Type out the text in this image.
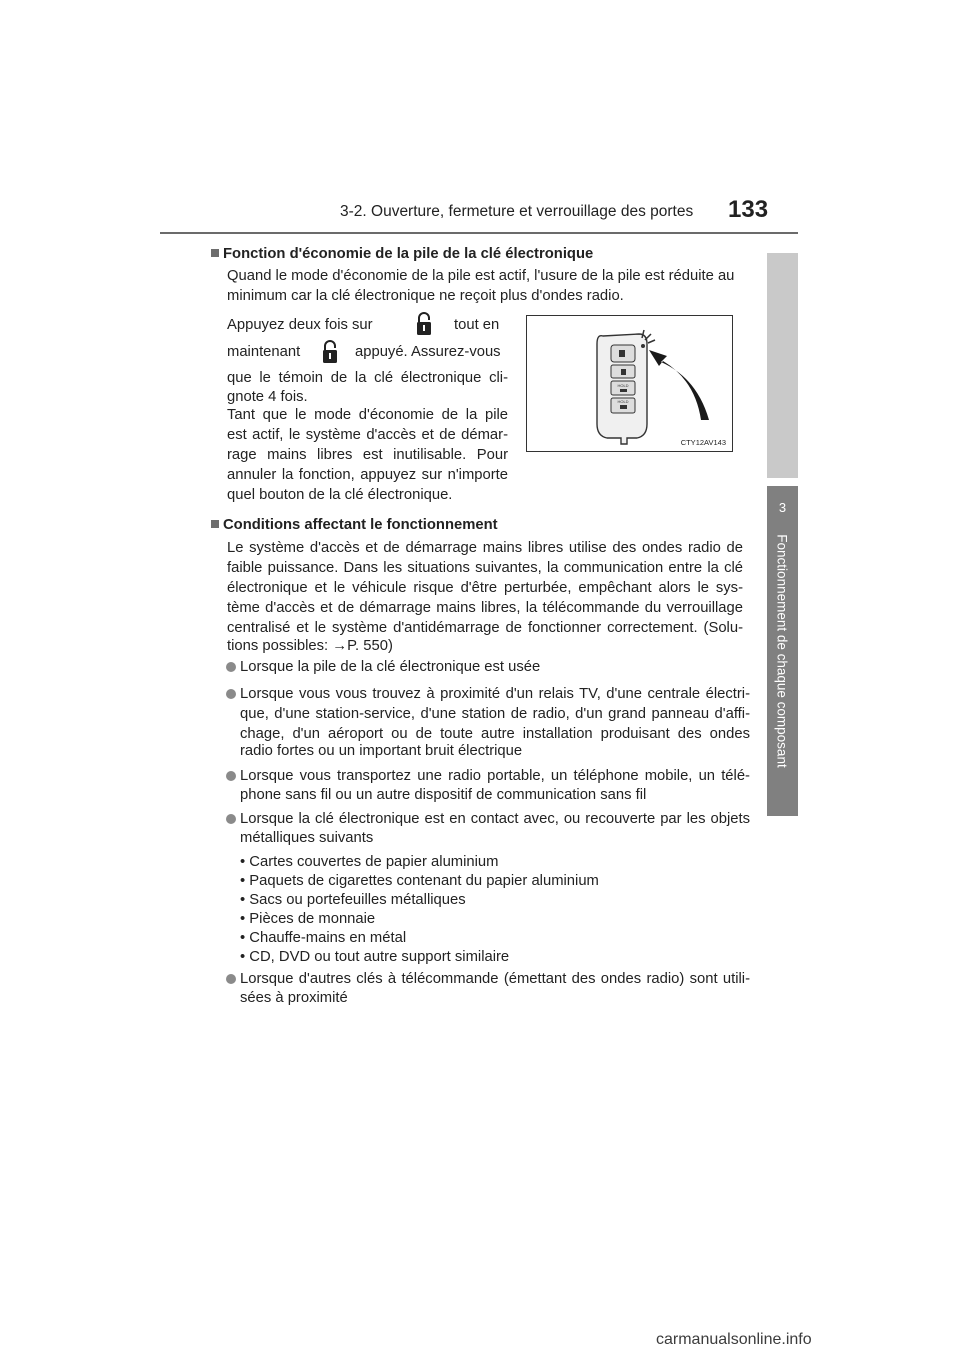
3-2. Ouverture, fermeture et verrouillage des portes 133
3
Fonctionnement de chaque composant
Fonction d'économie de la pile de la clé électronique
Quand le mode d'économie de la pile est actif, l'usure de la pile est réduite au
minimum car la clé électronique ne reçoit plus d'ondes radio.
Appuyez deux fois sur	tout en
maintenant	appuyé. Assurez-vous
que le témoin de la clé électronique cli-
gnote 4 fois.
Tant que le mode d'économie de la pile
est actif, le système d'accès et de démar-
rage mains libres est inutilisable. Pour
annuler la fonction, appuyez sur n'importe
quel bouton de la clé électronique.
HOLD
HOLD
CTY12AV143
Conditions affectant le fonctionnement
Le système d'accès et de démarrage mains libres utilise des ondes radio de
faible puissance. Dans les situations suivantes, la communication entre la clé
électronique et le véhicule risque d'être perturbée, empêchant alors le sys-
tème d'accès et de démarrage mains libres, la télécommande du verrouillage
centralisé et le système d'antidémarrage de fonctionner correctement. (Solu-
tions possibles: →P. 550)
Lorsque la pile de la clé électronique est usée
Lorsque vous vous trouvez à proximité d'un relais TV, d'une centrale électri-
que, d'une station-service, d'une station de radio, d'un grand panneau d'affi-
chage, d'un aéroport ou de toute autre installation produisant des ondes
radio fortes ou un important bruit électrique
Lorsque vous transportez une radio portable, un téléphone mobile, un télé-
phone sans fil ou un autre dispositif de communication sans fil
Lorsque la clé électronique est en contact avec, ou recouverte par les objets
métalliques suivants
• Cartes couvertes de papier aluminium
• Paquets de cigarettes contenant du papier aluminium
• Sacs ou portefeuilles métalliques
• Pièces de monnaie
• Chauffe-mains en métal
• CD, DVD ou tout autre support similaire
Lorsque d'autres clés à télécommande (émettant des ondes radio) sont utili-
sées à proximité
carmanualsonline.info
